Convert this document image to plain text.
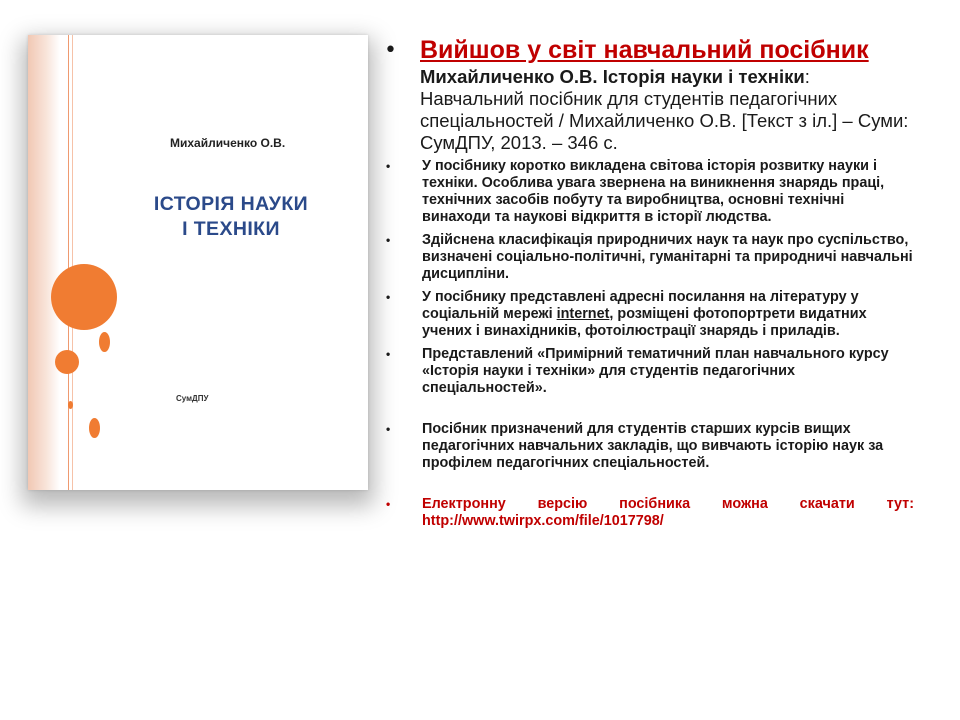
Михайличенко О.В.
ІСТОРІЯ НАУКИ
І ТЕХНІКИ
СумДПУ
• Вийшов у світ навчальний посібник
Михайличенко О.В. Історія науки і техніки: Навчальний посібник для студентів педагогічних спеціальностей / Михайличенко О.В. [Текст з іл.] – Суми: СумДПУ, 2013. – 346 с.
• У посібнику коротко викладена світова історія розвитку науки і техніки. Особлива увага звернена на виникнення знарядь праці, технічних засобів побуту та виробництва, основні технічні винаходи та наукові відкриття в історії людства.
• Здійснена класифікація природничих наук та наук про суспільство, визначені соціально-політичні, гуманітарні та природничі навчальні дисципліни.
• У посібнику представлені адресні посилання на літературу у соціальній мережі internet, розміщені фотопортрети видатних учених і винахідників, фотоілюстрації знарядь і приладів.
• Представлений «Примірний тематичний план навчального курсу «Історія науки і техніки» для студентів педагогічних спеціальностей».
• Посібник призначений для студентів старших курсів вищих педагогічних навчальних закладів, що вивчають історію наук за профілем педагогічних спеціальностей.
• Електронну версію посібника можна скачати тут: http://www.twirpx.com/file/1017798/
